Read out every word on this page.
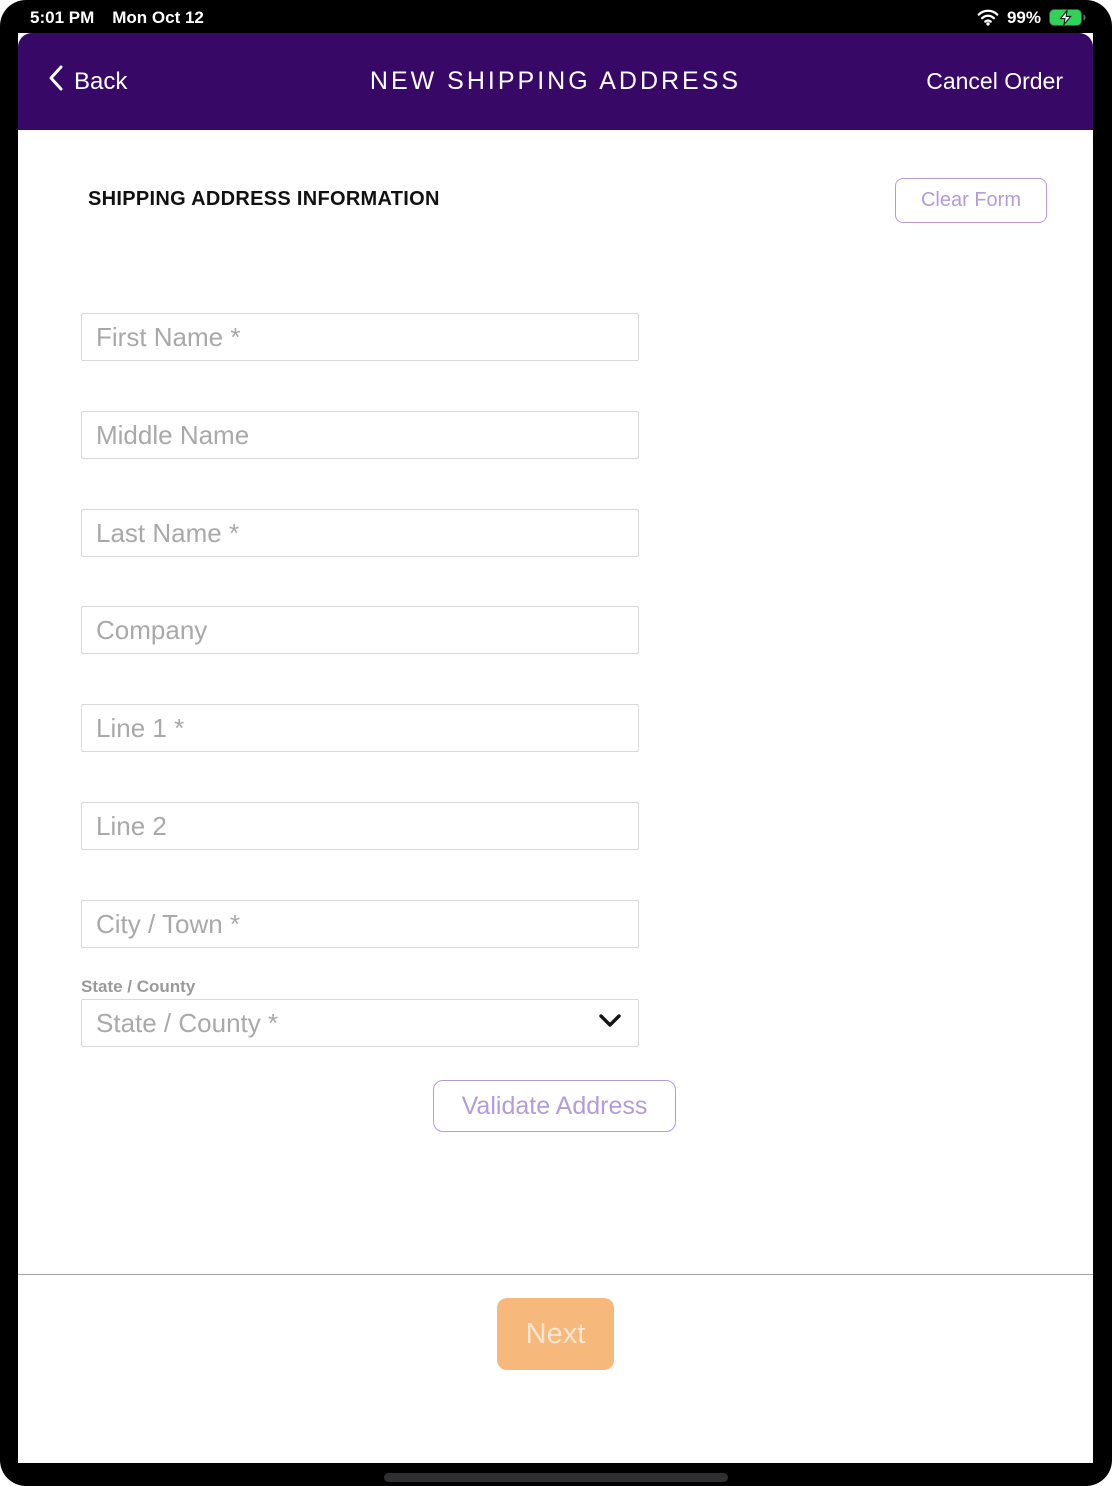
5:01 PM Mon Oct 12	99%
Back	NEW SHIPPING ADDRESS	Cancel Order
SHIPPING ADDRESS INFORMATION	Clear Form
First Name *
Middle Name
Last Name *
Company
Line 1 *
Line 2
City / Town *
State / County
State / County *
Validate Address
Next
